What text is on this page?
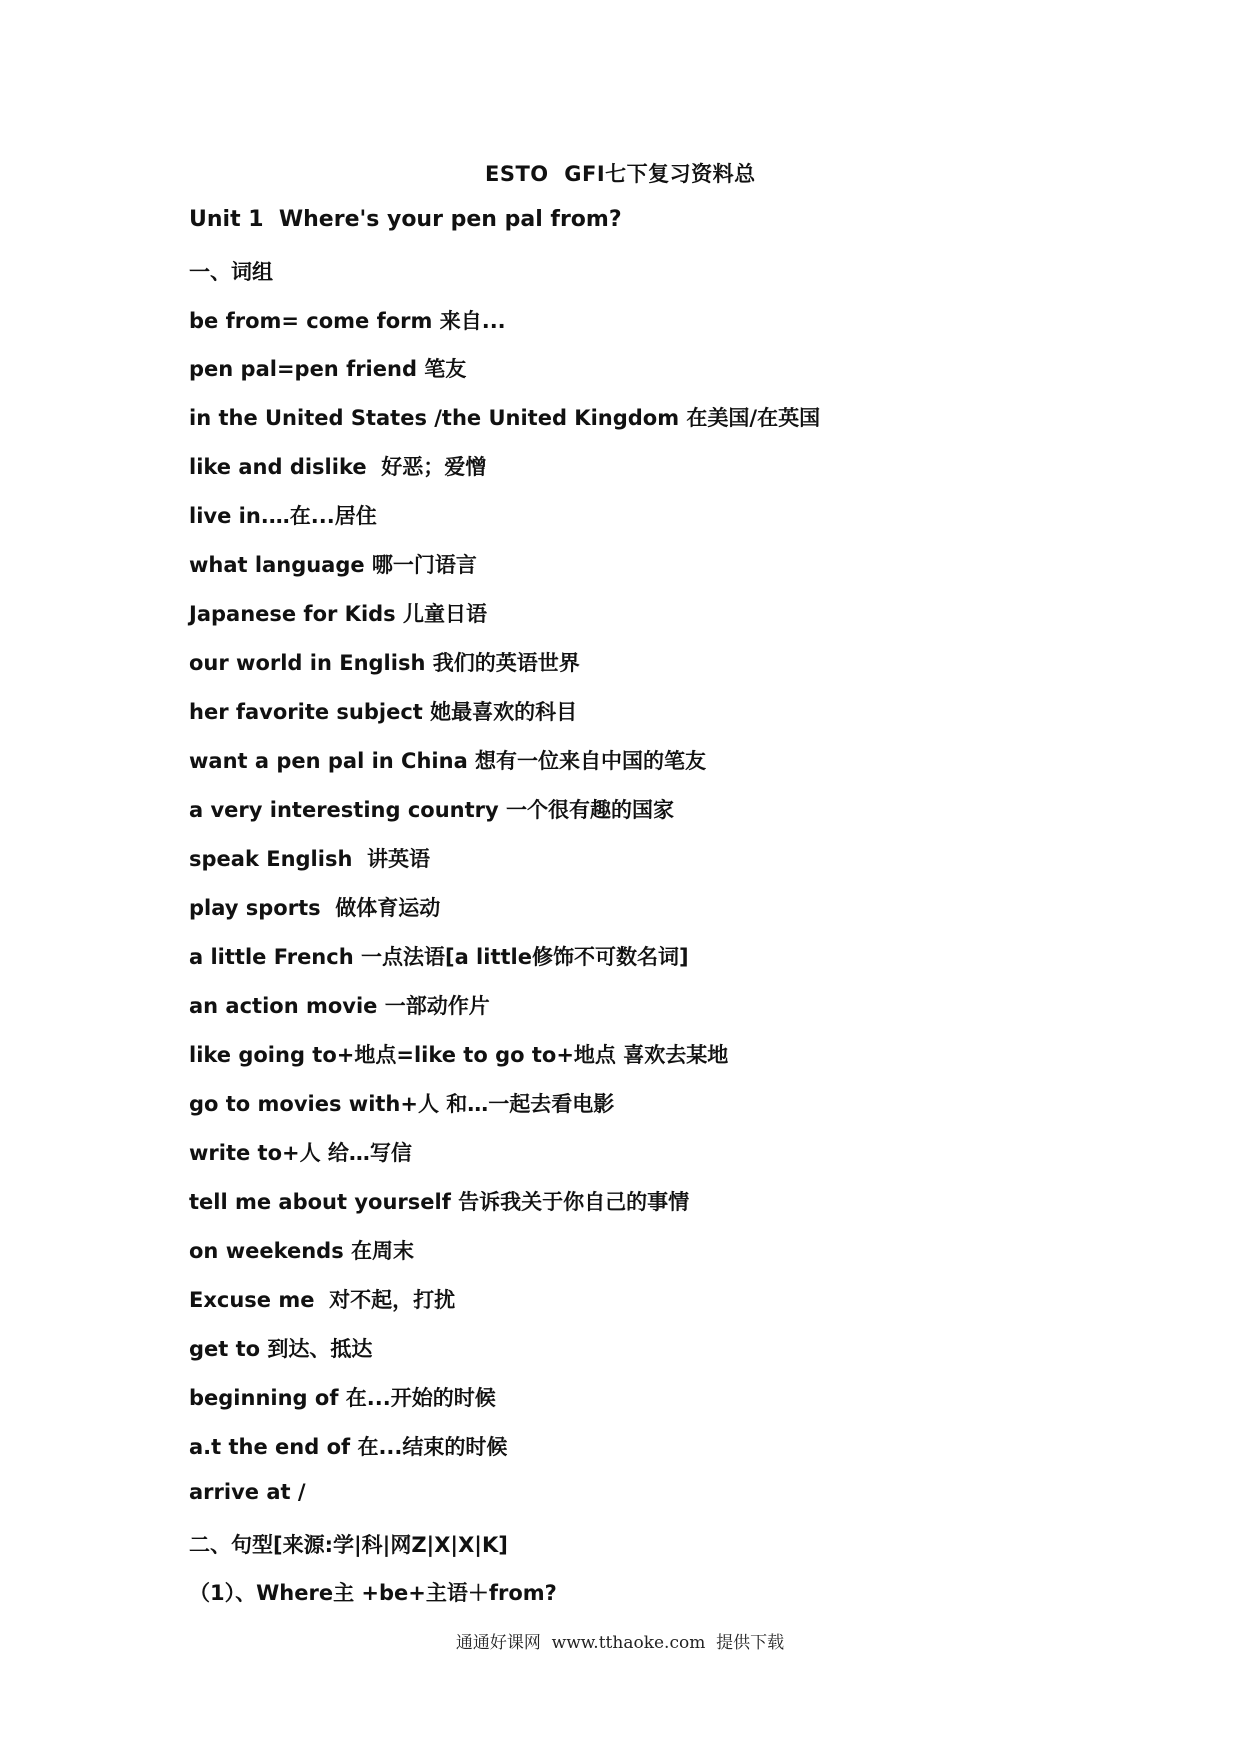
ESTO  GFI七下复习资料总
Unit 1  Where's your pen pal from?
一、词组
be from= come form 来自...
pen pal=pen friend 笔友
in the United States /the United Kingdom 在美国/在英国
like and dislike  好恶；爱憎
live in.…在...居住
what language 哪一门语言
Japanese for Kids 儿童日语
our world in English 我们的英语世界
her favorite subject 她最喜欢的科目
want a pen pal in China 想有一位来自中国的笔友
a very interesting country 一个很有趣的国家
speak English  讲英语
play sports  做体育运动
a little French 一点法语[a little修饰不可数名词]
an action movie 一部动作片
like going to+地点=like to go to+地点 喜欢去某地
go to movies with+人 和…一起去看电影
write to+人 给…写信
tell me about yourself 告诉我关于你自己的事情
on weekends 在周末
Excuse me  对不起，打扰
get to 到达、抵达
beginning of 在...开始的时候
a.t the end of 在...结束的时候
arrive at /
二、句型[来源:学|科|网Z|X|X|K]
（1）、Where主 +be+主语＋from?
通通好课网  www.tthaoke.com  提供下载
